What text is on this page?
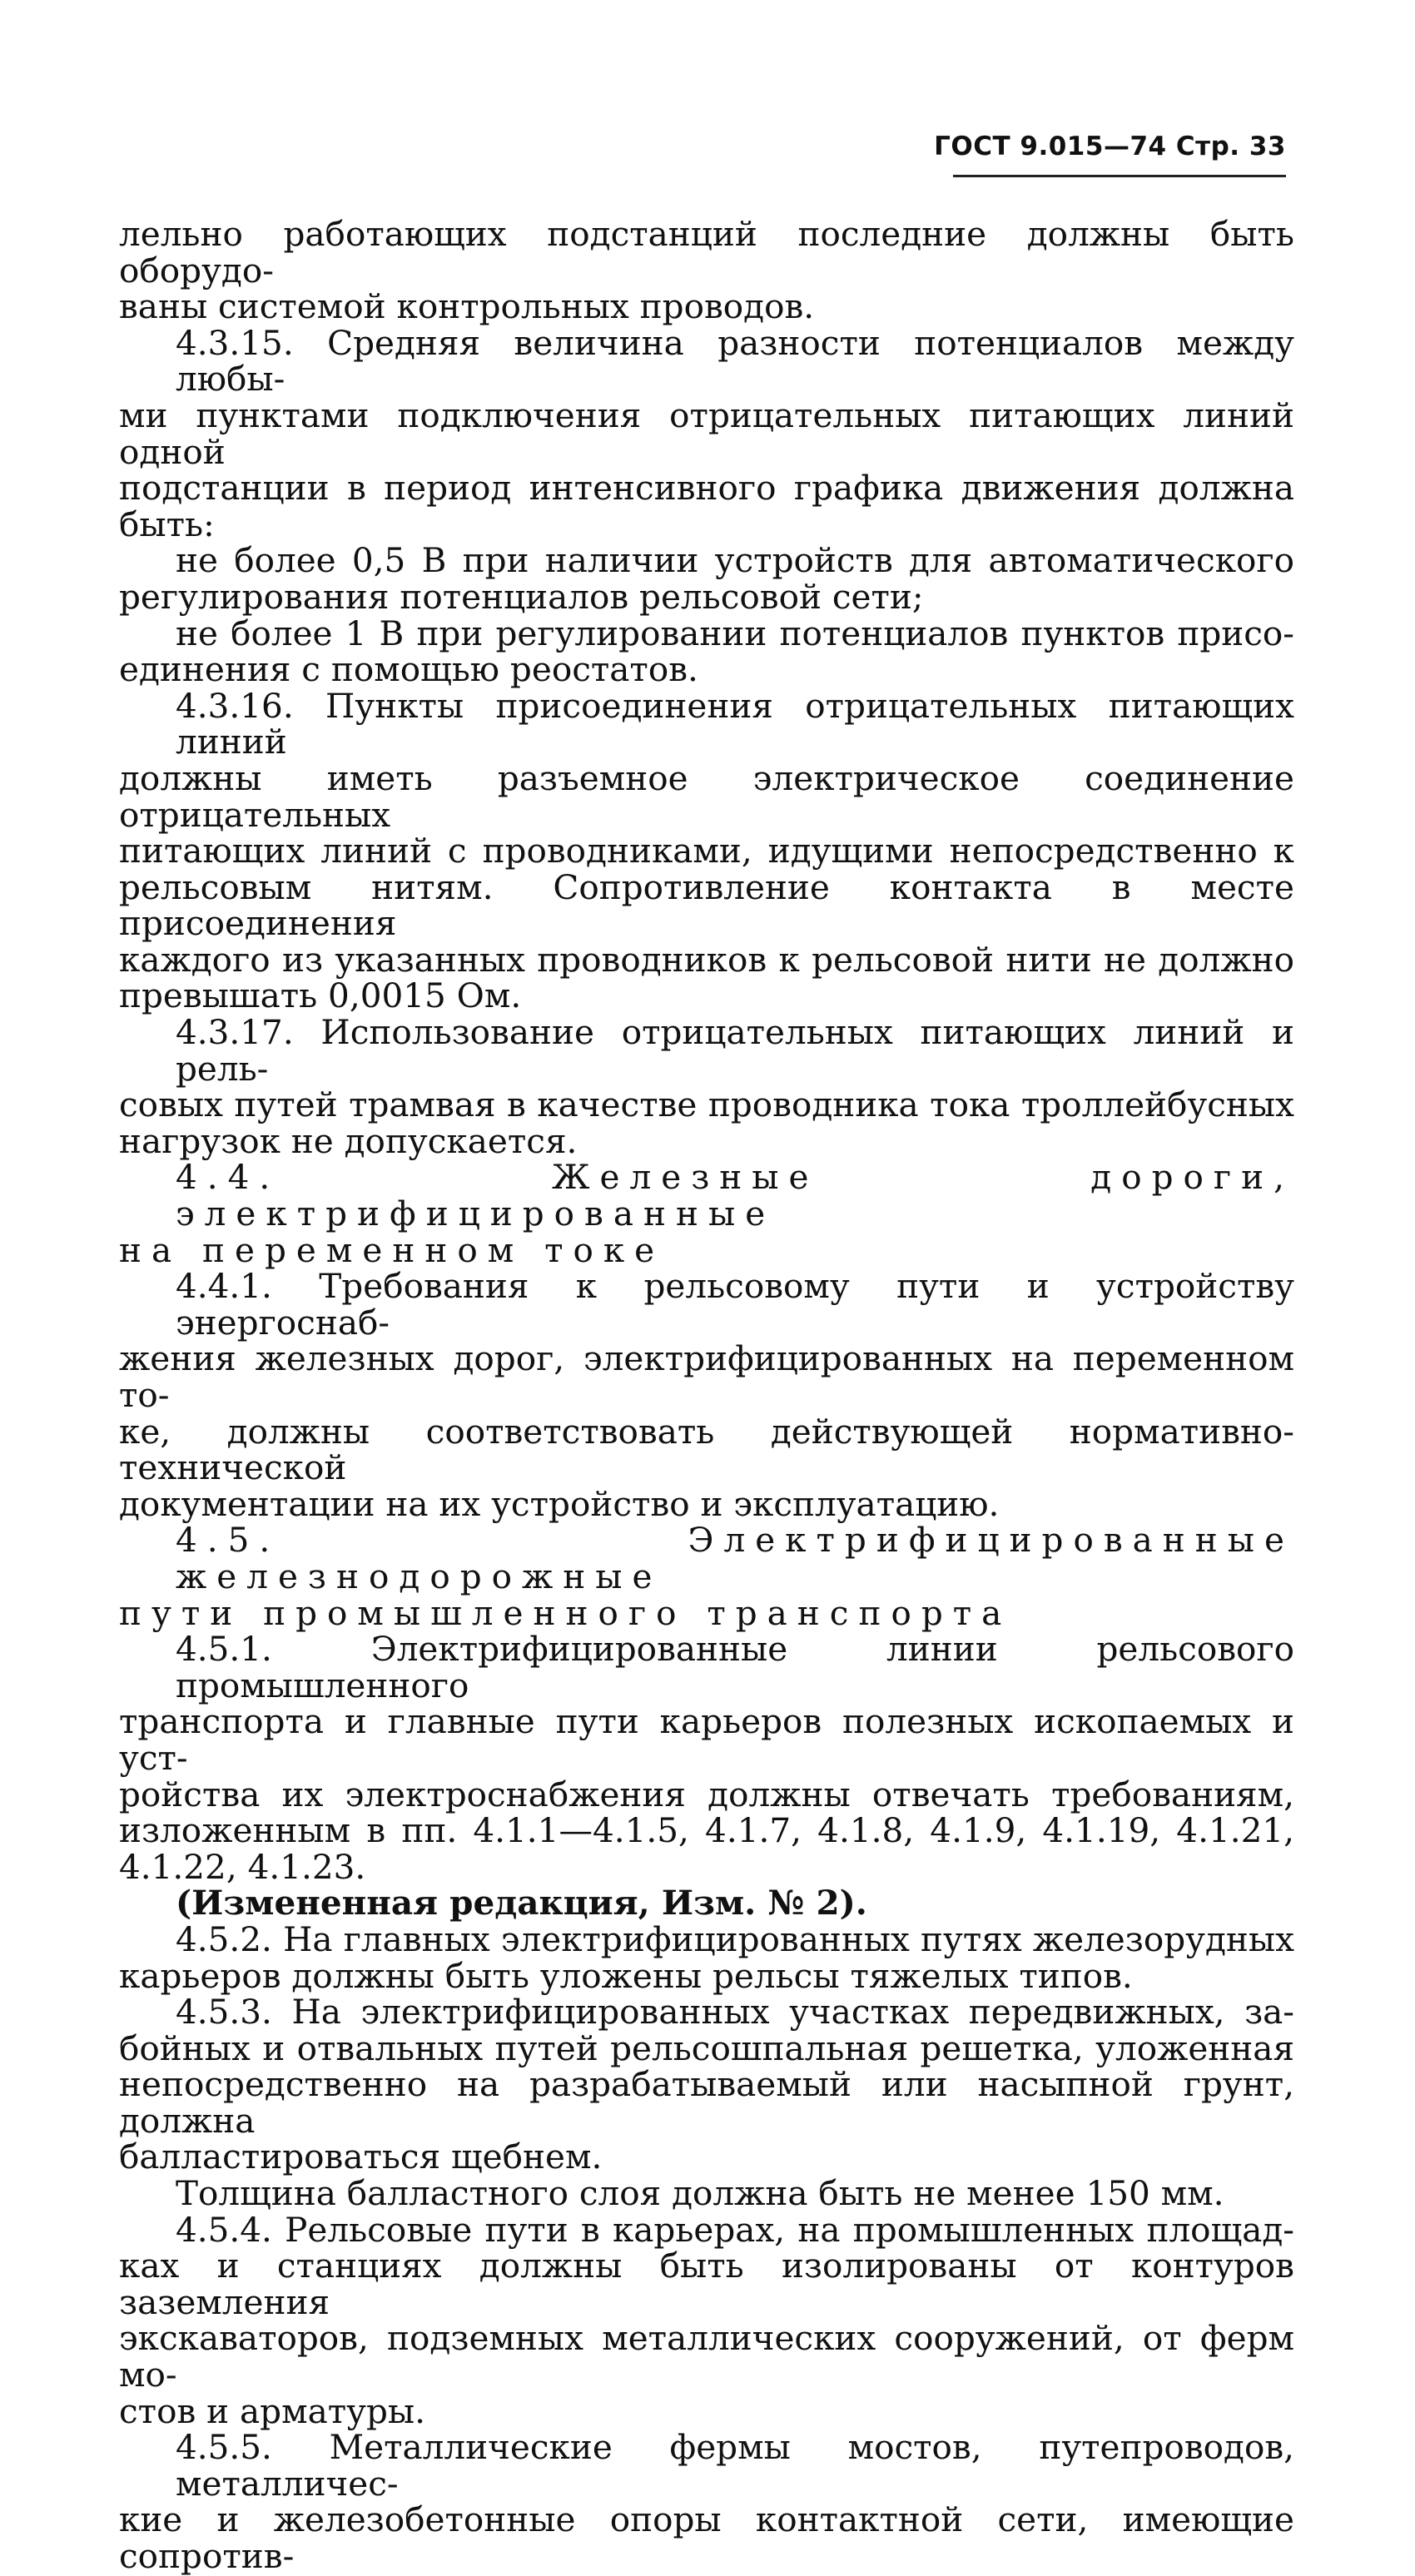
ГОСТ 9.015—74 Стр. 33
лельно работающих подстанций последние должны быть оборудо-
ваны системой контрольных проводов.
4.3.15. Средняя величина разности потенциалов между любы-
ми пунктами подключения отрицательных питающих линий одной
подстанции в период интенсивного графика движения должна
быть:
не более 0,5 В при наличии устройств для автоматического
регулирования потенциалов рельсовой сети;
не более 1 В при регулировании потенциалов пунктов присо-
единения с помощью реостатов.
4.3.16. Пункты присоединения отрицательных питающих линий
должны иметь разъемное электрическое соединение отрицательных
питающих линий с проводниками, идущими непосредственно к
рельсовым нитям. Сопротивление контакта в месте присоединения
каждого из указанных проводников к рельсовой нити не должно
превышать 0,0015 Ом.
4.3.17. Использование отрицательных питающих линий и рель-
совых путей трамвая в качестве проводника тока троллейбусных
нагрузок не допускается.
4.4. Железные дороги, электрифицированные
на переменном токе
4.4.1. Требования к рельсовому пути и устройству энергоснаб-
жения железных дорог, электрифицированных на переменном то-
ке, должны соответствовать действующей нормативно-технической
документации на их устройство и эксплуатацию.
4.5. Электрифицированные железнодорожные
пути промышленного транспорта
4.5.1. Электрифицированные линии рельсового промышленного
транспорта и главные пути карьеров полезных ископаемых и уст-
ройства их электроснабжения должны отвечать требованиям,
изложенным в пп. 4.1.1—4.1.5, 4.1.7, 4.1.8, 4.1.9, 4.1.19, 4.1.21,
4.1.22, 4.1.23.
(Измененная редакция, Изм. № 2).
4.5.2. На главных электрифицированных путях железорудных
карьеров должны быть уложены рельсы тяжелых типов.
4.5.3. На электрифицированных участках передвижных, за-
бойных и отвальных путей рельсошпальная решетка, уложенная
непосредственно на разрабатываемый или насыпной грунт, должна
балластироваться щебнем.
Толщина балластного слоя должна быть не менее 150 мм.
4.5.4. Рельсовые пути в карьерах, на промышленных площад-
ках и станциях должны быть изолированы от контуров заземления
экскаваторов, подземных металлических сооружений, от ферм мо-
стов и арматуры.
4.5.5. Металлические фермы мостов, путепроводов, металличес-
кие и железобетонные опоры контактной сети, имеющие сопротив-
